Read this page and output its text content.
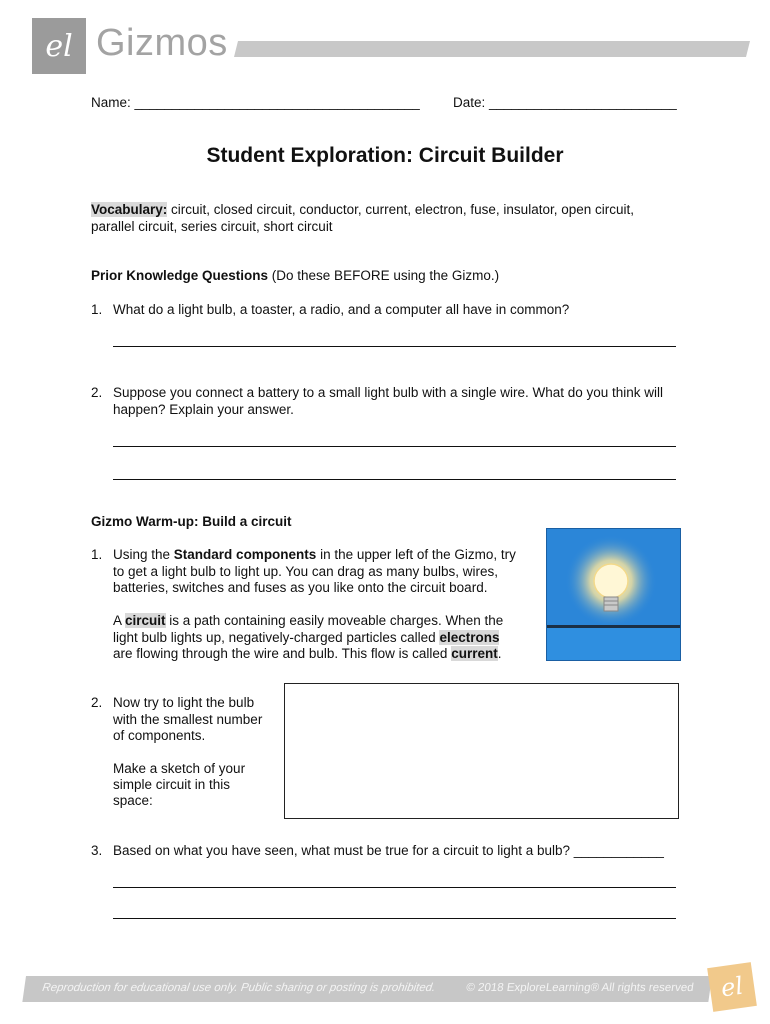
el Gizmos
Name: ______________________________________ Date: _________________________
Student Exploration: Circuit Builder
Vocabulary: circuit, closed circuit, conductor, current, electron, fuse, insulator, open circuit,
parallel circuit, series circuit, short circuit
Prior Knowledge Questions (Do these BEFORE using the Gizmo.)
1. What do a light bulb, a toaster, a radio, and a computer all have in common?
2. Suppose you connect a battery to a small light bulb with a single wire. What do you think will
happen? Explain your answer.
Gizmo Warm-up: Build a circuit
1. Using the Standard components in the upper left of the Gizmo, try
to get a light bulb to light up. You can drag as many bulbs, wires,
batteries, switches and fuses as you like onto the circuit board.
A circuit is a path containing easily moveable charges. When the
light bulb lights up, negatively-charged particles called electrons
are flowing through the wire and bulb. This flow is called current.
2. Now try to light the bulb
with the smallest number
of components.
Make a sketch of your
simple circuit in this
space:
3. Based on what you have seen, what must be true for a circuit to light a bulb? ____________
Reproduction for educational use only. Public sharing or posting is prohibited.	© 2018 ExploreLearning® All rights reserved el
